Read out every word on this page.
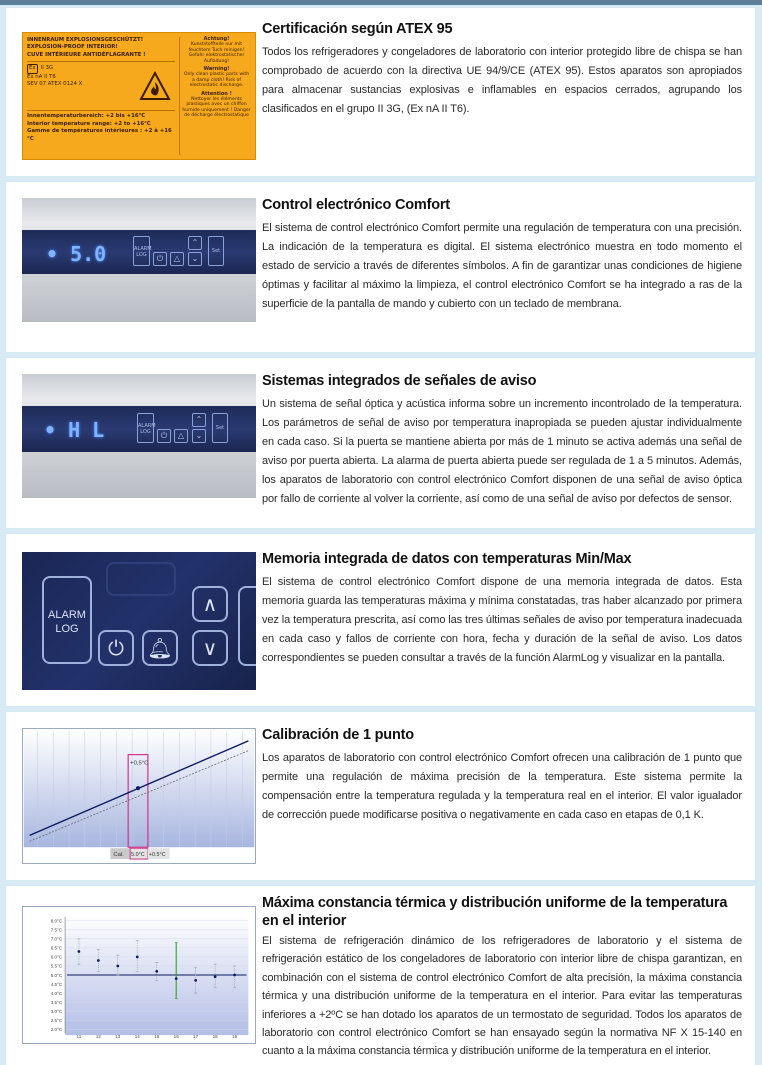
INNENRAUM EXPLOSIONSGESCHÜTZT!
EXPLOSION-PROOF INTERIOR!
CUVE INTÉRIEURE ANTIDÉFLAGRANTE !
Ex II 3G
Ex nA II T6
SEV 07 ATEX 0124 X
Innentemperaturbereich: +2 bis +16°C
Interior temperature range: +2 to +16°C
Gamme de températures intérieures : +2 à +16 °C
Achtung!
Kunststoffteile nur mit feuchtem Tuch reinigen! Gefahr elektrostatischer Aufladung!
Warning!
Only clean plastic parts with a damp cloth! Risk of electrostatic discharge.
Attention !
Nettoyer les éléments plastiques avec un chiffon humide uniquement ! Danger de décharge électrostatique
Certificación según ATEX 95
Todos los refrigeradores y congeladores de laboratorio con interior protegido libre de chispa se han comprobado de acuerdo con la directiva UE 94/9/CE (ATEX 95). Estos aparatos son apropiados para almacenar sustancias explosivas e inflamables en espacios cerrados, agrupando los clasificados en el grupo II 3G, (Ex nA II T6).
• 5.0	ALARM LOG	⏻	△
⌃
⌄
Set
Control electrónico Comfort
El sistema de control electrónico Comfort permite una regulación de temperatura con una precisión. La indicación de la temperatura es digital. El sistema electrónico muestra en todo momento el estado de servicio a través de diferentes símbolos. A fin de garantizar unas condiciones de higiene óptimas y facilitar al máximo la limpieza, el control electrónico Comfort se ha integrado a ras de la superficie de la pantalla de mando y cubierto con un teclado de membrana.
• H L	ALARM LOG	⏻	△
⌃
⌄
Set
Sistemas integrados de señales de aviso
Un sistema de señal óptica y acústica informa sobre un incremento incontrolado de la temperatura. Los parámetros de señal de aviso por temperatura inapropiada se pueden ajustar individualmente en cada caso. Si la puerta se mantiene abierta por más de 1 minuto se activa además una señal de aviso por puerta abierta. La alarma de puerta abierta puede ser regulada de 1 a 5 minutos. Además, los aparatos de laboratorio con control electrónico Comfort disponen de una señal de aviso óptica por fallo de corriente al volver la corriente, así como de una señal de aviso por defectos de sensor.
ALARM
LOG
⏻	🔔︎
∧
∨
Memoria integrada de datos con temperaturas Min/Max
El sistema de control electrónico Comfort dispone de una memoria integrada de datos. Esta memoria guarda las temperaturas máxima y mínima constatadas, tras haber alcanzado por primera vez la temperatura prescrita, así como las tres últimas señales de aviso por temperatura inadecuada en cada caso y fallos de corriente con hora, fecha y duración de la señal de aviso. Los datos correspondientes se pueden consultar a través de la función AlarmLog y visualizar en la pantalla.
+0,5°C
Cal. 5.0°C +0.5°C
Calibración de 1 punto
Los aparatos de laboratorio con control electrónico Comfort ofrecen una calibración de 1 punto que permite una regulación de máxima precisión de la temperatura. Este sistema permite la compensación entre la temperatura regulada y la temperatura real en el interior. El valor igualador de corrección puede modificarse positiva o negativamente en cada caso en etapas de 0,1 K.
8.0°C
7.5°C
7.0°C
6.5°C
6.0°C
5.5°C
5.0°C
4.5°C
4.0°C
3.5°C
3.0°C
2.5°C
2.0°C
11	12	13	14	15	16	17	18	19
Máxima constancia térmica y distribución uniforme de la temperatura en el interior
El sistema de refrigeración dinámico de los refrigeradores de laboratorio y el sistema de refrigeración estático de los congeladores de laboratorio con interior libre de chispa garantizan, en combinación con el sistema de control electrónico Comfort de alta precisión, la máxima constancia térmica y una distribución uniforme de la temperatura en el interior. Para evitar las temperaturas inferiores a +2ºC se han dotado los aparatos de un termostato de seguridad. Todos los aparatos de laboratorio con control electrónico Comfort se han ensayado según la normativa NF X 15-140 en cuanto a la máxima constancia térmica y distribución uniforme de la temperatura en el interior.
